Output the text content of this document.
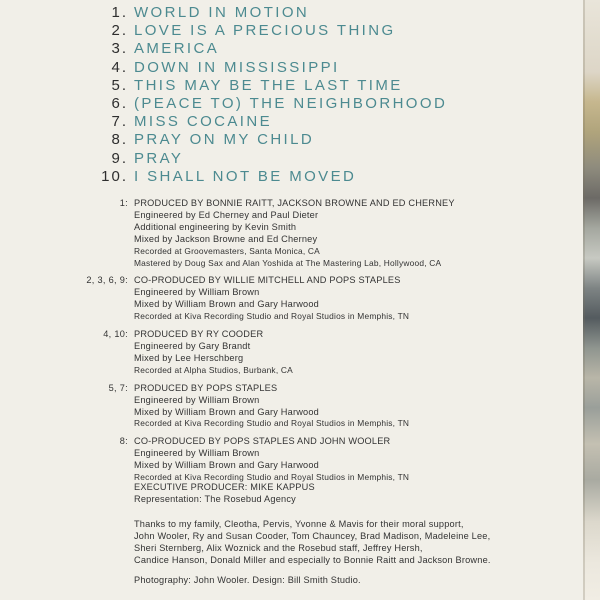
1. WORLD IN MOTION
2. LOVE IS A PRECIOUS THING
3. AMERICA
4. DOWN IN MISSISSIPPI
5. THIS MAY BE THE LAST TIME
6. (PEACE TO) THE NEIGHBORHOOD
7. MISS COCAINE
8. PRAY ON MY CHILD
9. PRAY
10. I SHALL NOT BE MOVED
1: PRODUCED BY BONNIE RAITT, JACKSON BROWNE AND ED CHERNEY
Engineered by Ed Cherney and Paul Dieter
Additional engineering by Kevin Smith
Mixed by Jackson Browne and Ed Cherney
Recorded at Groovemasters, Santa Monica, CA
Mastered by Doug Sax and Alan Yoshida at The Mastering Lab, Hollywood, CA
2, 3, 6, 9: CO-PRODUCED BY WILLIE MITCHELL AND POPS STAPLES
Engineered by William Brown
Mixed by William Brown and Gary Harwood
Recorded at Kiva Recording Studio and Royal Studios in Memphis, TN
4, 10: PRODUCED BY RY COODER
Engineered by Gary Brandt
Mixed by Lee Herschberg
Recorded at Alpha Studios, Burbank, CA
5, 7: PRODUCED BY POPS STAPLES
Engineered by William Brown
Mixed by William Brown and Gary Harwood
Recorded at Kiva Recording Studio and Royal Studios in Memphis, TN
8: CO-PRODUCED BY POPS STAPLES AND JOHN WOOLER
Engineered by William Brown
Mixed by William Brown and Gary Harwood
Recorded at Kiva Recording Studio and Royal Studios in Memphis, TN
EXECUTIVE PRODUCER: MIKE KAPPUS
Representation: The Rosebud Agency
Thanks to my family, Cleotha, Pervis, Yvonne & Mavis for their moral support,
John Wooler, Ry and Susan Cooder, Tom Chauncey, Brad Madison, Madeleine Lee,
Sheri Sternberg, Alix Woznick and the Rosebud staff, Jeffrey Hersh,
Candice Hanson, Donald Miller and especially to Bonnie Raitt and Jackson Browne.
Photography: John Wooler. Design: Bill Smith Studio.
